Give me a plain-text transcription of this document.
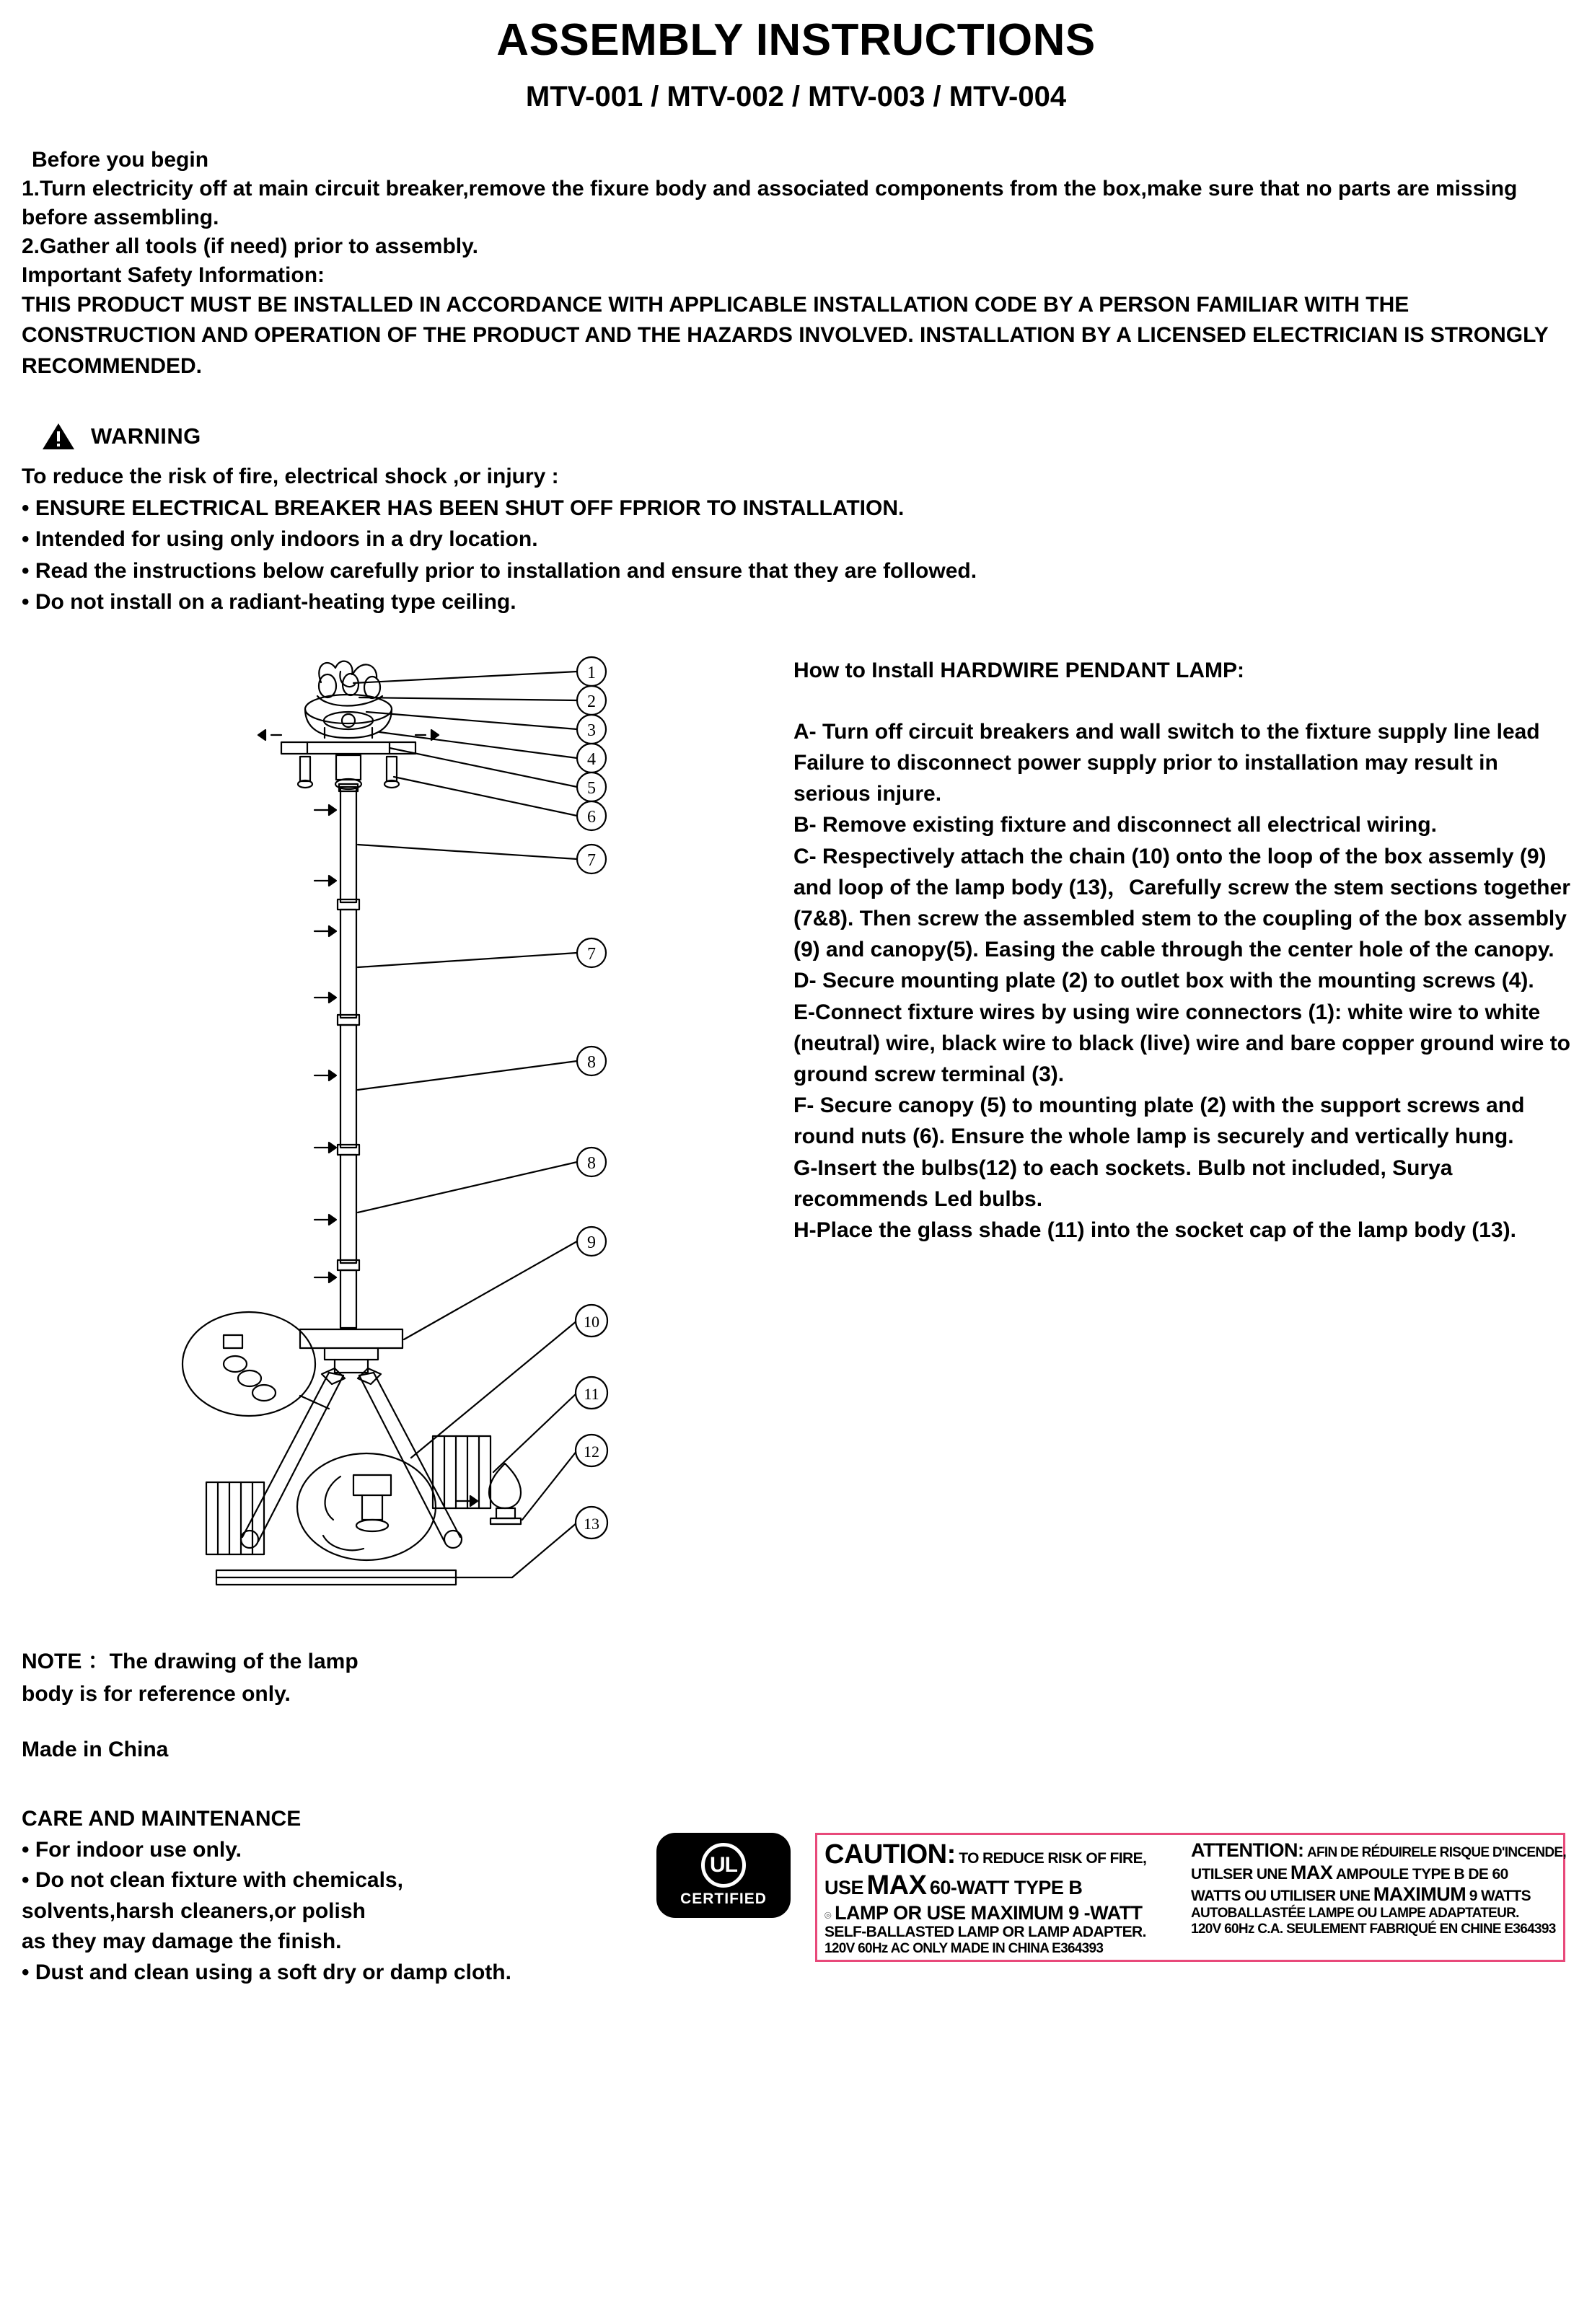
ASSEMBLY INSTRUCTIONS
MTV-001 / MTV-002 / MTV-003 / MTV-004

Before you begin

1.Turn electricity off at main circuit breaker,remove the fixure body and associated components from the box,make sure that no parts are missing before assembling.

2.Gather all tools (if need) prior to assembly.

Important Safety Information:

THIS PRODUCT MUST BE INSTALLED IN ACCORDANCE WITH APPLICABLE INSTALLATION CODE BY A PERSON FAMILIAR WITH THE CONSTRUCTION AND OPERATION OF THE PRODUCT AND THE HAZARDS INVOLVED. INSTALLATION BY A LICENSED ELECTRICIAN IS STRONGLY RECOMMENDED.

WARNING

To reduce the risk of fire, electrical shock ,or injury :

• ENSURE ELECTRICAL BREAKER HAS BEEN SHUT OFF FPRIOR TO INSTALLATION.

• Intended for using only indoors in a dry location.

• Read the instructions below carefully prior to installation and ensure that they are followed.

• Do not install on a radiant-heating type ceiling.

1
2
3
4
5
6
7
7
8
8
9
10
11
12
13

How to Install HARDWIRE PENDANT LAMP:

A- Turn off circuit breakers and wall switch to the fixture supply line lead Failure to disconnect power supply prior to installation may result in serious injure.

B- Remove existing fixture and disconnect all electrical wiring.

C- Respectively attach the chain (10) onto the loop of the box assemly (9) and loop of the lamp body (13)，Carefully screw the stem sections together (7&8). Then screw the assembled stem to the coupling of the box assembly (9) and canopy(5). Easing the cable through the center hole of the canopy.

D- Secure mounting plate (2) to outlet box with the mounting screws (4).

E-Connect fixture wires by using wire connectors (1): white wire to white (neutral) wire, black wire to black (live) wire and bare copper ground wire to ground screw terminal (3).

F- Secure canopy (5) to mounting plate (2) with the support screws and round nuts (6). Ensure the whole lamp is securely and vertically hung.

G-Insert the bulbs(12) to each sockets. Bulb not included, Surya recommends Led bulbs.

H-Place the glass shade (11) into the socket cap of the lamp body (13).

NOTE ：The drawing of the lamp

body is for reference only.

Made in China

CARE AND MAINTENANCE

• For indoor use only.

• Do not clean fixture with chemicals,

solvents,harsh cleaners,or polish

as they may damage the finish.

• Dust and clean using a soft dry or damp cloth.

UL
CERTIFIED
CAUTION: TO REDUCE RISK OF FIRE,
USE MAX 60-WATT TYPE B
⌾ LAMP OR USE MAXIMUM 9 -WATT
SELF-BALLASTED LAMP OR LAMP ADAPTER.
120V 60Hz AC ONLY MADE IN CHINA E364393
ATTENTION: AFIN DE RÉDUIRELE RISQUE D'INCENDE,
UTILSER UNE MAX AMPOULE TYPE B DE 60
WATTS OU UTILISER UNE MAXIMUM 9 WATTS
AUTOBALLASTÉE LAMPE OU LAMPE ADAPTATEUR.
120V 60Hz C.A. SEULEMENT FABRIQUÉ EN CHINE E364393
